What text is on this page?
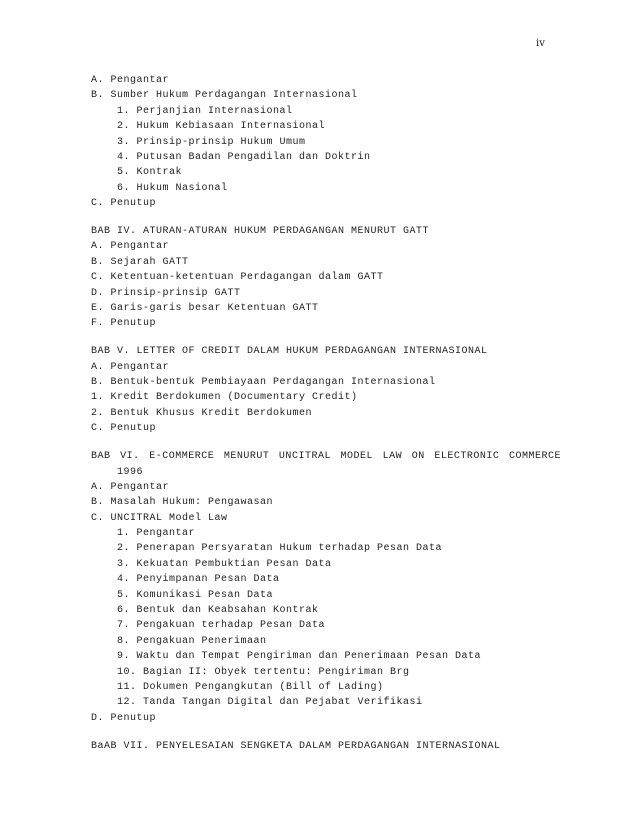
iv
A. Pengantar
B. Sumber Hukum Perdagangan Internasional
1. Perjanjian Internasional
2. Hukum Kebiasaan Internasional
3. Prinsip-prinsip Hukum Umum
4. Putusan Badan Pengadilan dan Doktrin
5. Kontrak
6. Hukum Nasional
C. Penutup
BAB IV. ATURAN-ATURAN HUKUM PERDAGANGAN MENURUT GATT
A. Pengantar
B. Sejarah GATT
C. Ketentuan-ketentuan Perdagangan dalam GATT
D. Prinsip-prinsip GATT
E. Garis-garis besar Ketentuan GATT
F. Penutup
BAB V. LETTER OF CREDIT DALAM HUKUM PERDAGANGAN INTERNASIONAL
A. Pengantar
B. Bentuk-bentuk Pembiayaan Perdagangan Internasional
1. Kredit Berdokumen (Documentary Credit)
2. Bentuk Khusus Kredit Berdokumen
C. Penutup
BAB VI. E-COMMERCE MENURUT UNCITRAL MODEL LAW ON ELECTRONIC COMMERCE
1996
A. Pengantar
B. Masalah Hukum: Pengawasan
C. UNCITRAL Model Law
1. Pengantar
2. Penerapan Persyaratan Hukum terhadap Pesan Data
3. Kekuatan Pembuktian Pesan Data
4. Penyimpanan Pesan Data
5. Komunikasi Pesan Data
6. Bentuk dan Keabsahan Kontrak
7. Pengakuan terhadap Pesan Data
8. Pengakuan Penerimaan
9. Waktu dan Tempat Pengiriman dan Penerimaan Pesan Data
10. Bagian II: Obyek tertentu: Pengiriman Brg
11. Dokumen Pengangkutan (Bill of Lading)
12. Tanda Tangan Digital dan Pejabat Verifikasi
D. Penutup
BaAB VII. PENYELESAIAN SENGKETA DALAM PERDAGANGAN INTERNASIONAL
